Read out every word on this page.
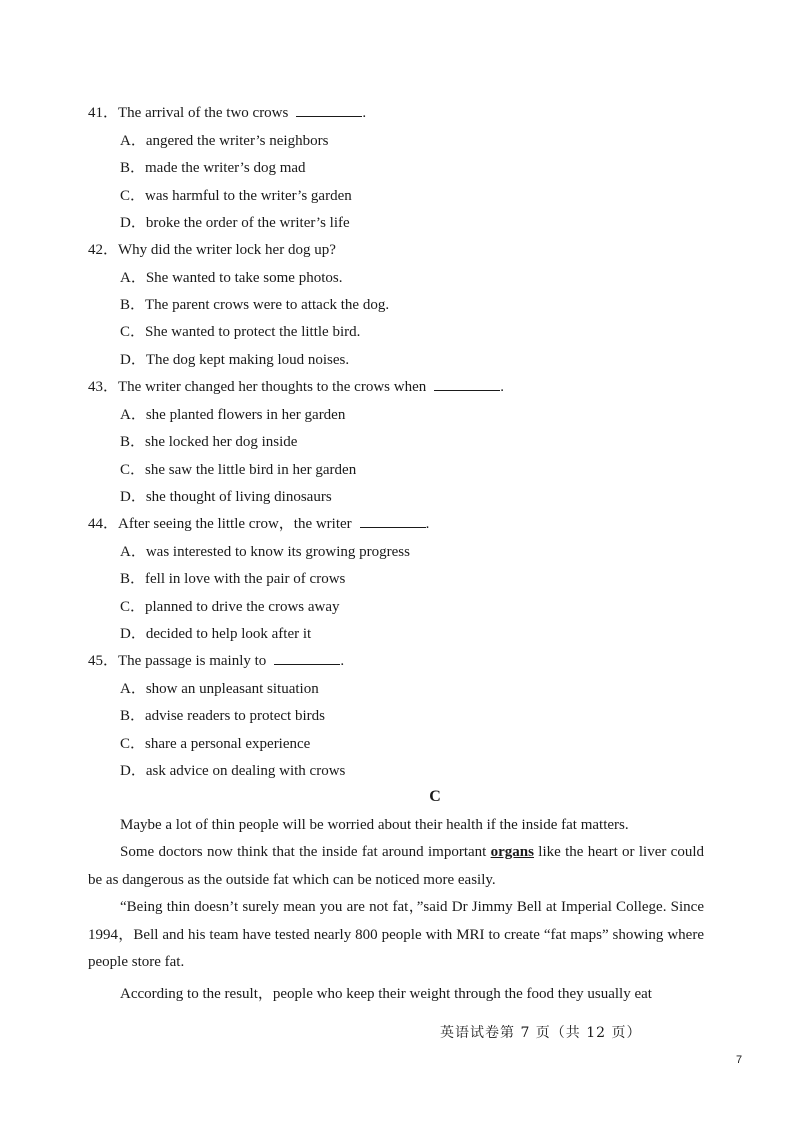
41．The arrival of the two crows	.
A．angered the writer’s neighbors
B．made the writer’s dog mad
C．was harmful to the writer’s garden
D．broke the order of the writer’s life
42．Why did the writer lock her dog up?
A．She wanted to take some photos.
B．The parent crows were to attack the dog.
C．She wanted to protect the little bird.
D．The dog kept making loud noises.
43．The writer changed her thoughts to the crows when	.
A．she planted flowers in her garden
B．she locked her dog inside
C．she saw the little bird in her garden
D．she thought of living dinosaurs
44．After seeing the little crow，the writer	.
A．was interested to know its growing progress
B．fell in love with the pair of crows
C．planned to drive the crows away
D．decided to help look after it
45．The passage is mainly to	.
A．show an unpleasant situation
B．advise readers to protect birds
C．share a personal experience
D．ask advice on dealing with crows
C
Maybe a lot of thin people will be worried about their health if the inside fat matters.
Some doctors now think that the inside fat around important organs like the heart or liver could be as dangerous as the outside fat which can be noticed more easily.
“Being thin doesn’t surely mean you are not fat，”said Dr Jimmy Bell at Imperial College. Since 1994，Bell and his team have tested nearly 800 people with MRI to create “fat maps” showing where people store fat.
According to the result，people who keep their weight through the food they usually eat
英语试卷第 7 页（共 12 页）
7
